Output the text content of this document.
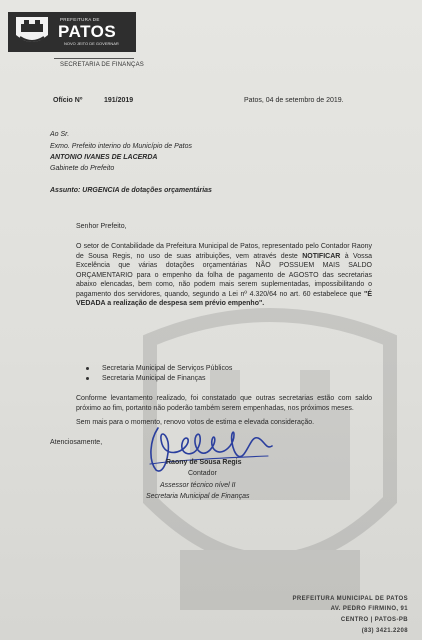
PREFEITURA DE
PATOS
NOVO JEITO DE GOVERNAR
SECRETARIA DE FINANÇAS
Ofício Nº	191/2019	Patos, 04 de setembro de 2019.
Ao Sr.
Exmo. Prefeito interino do Município de Patos
ANTONIO IVANES DE LACERDA
Gabinete do Prefeito
Assunto: URGENCIA de dotações orçamentárias
Senhor Prefeito,

O setor de Contabilidade da Prefeitura Municipal de Patos, representado pelo Contador Raony de Sousa Regis, no uso de suas atribuições, vem através deste NOTIFICAR à Vossa Excelência que várias dotações orçamentárias NÃO POSSUEM MAIS SALDO ORÇAMENTARIO para o empenho da folha de pagamento de AGOSTO das secretarias abaixo elencadas, bem como, não podem mais serem suplementadas, impossibilitando o pagamento dos servidores, quando, segundo a Lei nº 4.320/64 no art. 60 estabelece que "É VEDADA a realização de despesa sem prévio empenho".

Secretaria Municipal de Serviços Públicos
Secretaria Municipal de Finanças

Conforme levantamento realizado, foi constatado que outras secretarias estão com saldo próximo ao fim, portanto não poderão também serem empenhadas, nos próximos meses.

Sem mais para o momento, renovo votos de estima e elevada consideração.
Atenciosamente,
Raony de Sousa Regis
Contador
Assessor técnico nível II
Secretaria Municipal de Finanças
PREFEITURA MUNICIPAL DE PATOS
AV. PEDRO FIRMINO, 91
CENTRO | PATOS-PB
(83) 3421.2208
